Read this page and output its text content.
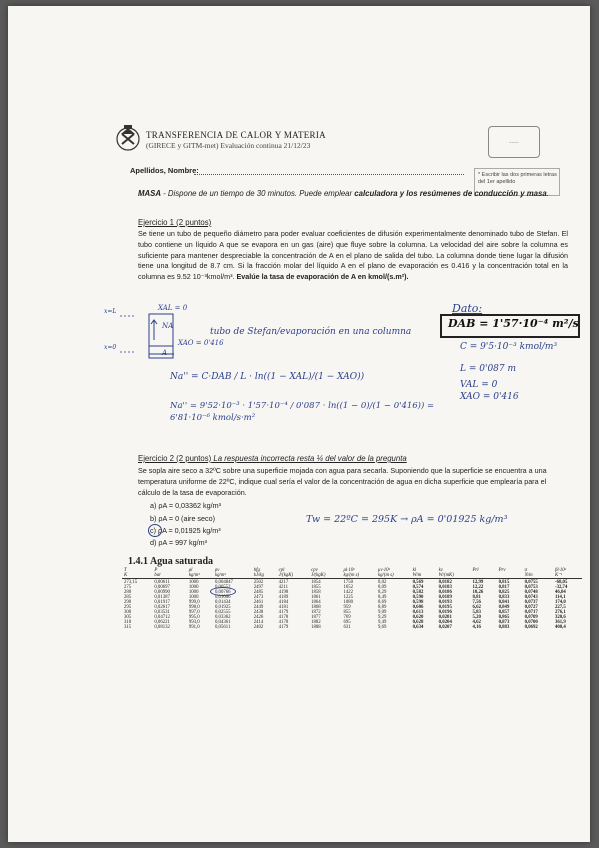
TRANSFERENCIA DE CALOR Y MATERIA
(GIRECE y GITM-met) Evaluación continua 21/12/23	.....
* Escribir las dos primeras letras del 1er apellido
Apellidos, Nombre:
MASA - Dispone de un tiempo de 30 minutos. Puede emplear calculadora y los resúmenes de conducción y masa.
Ejercicio 1 (2 puntos)
Se tiene un tubo de pequeño diámetro para poder evaluar coeficientes de difusión experimentalmente denominado tubo de Stefan. El tubo contiene un líquido A que se evapora en un gas (aire) que fluye sobre la columna. La velocidad del aire sobre la columna es suficiente para mantener despreciable la concentración de A en el plano de salida del tubo. La columna donde tiene lugar la difusión tiene una longitud de 8.7 cm. Si la fracción molar del líquido A en el plano de evaporación es 0.416 y la concentración total en la columna es 9.52 10⁻³kmol/m³. Evalúe la tasa de evaporación de A en kmol/(s.m²).
x=L
x=0
XAL = 0
NA
A
XAO = 0'416
tubo de Stefan/evaporación en una columna
Na'' = C·DAB / L · ln((1 − XAL)/(1 − XAO))
Na'' = 9'52·10⁻³ · 1'57·10⁻⁴ / 0'087 · ln((1 − 0)/(1 − 0'416)) = 6'81·10⁻⁶ kmol/s·m²
Dato:
DAB = 1'57·10⁻⁴ m²/s
C = 9'5·10⁻³ kmol/m³
L = 0'087 m
VAL = 0
XAO = 0'416
Ejercicio 2 (2 puntos) La respuesta incorrecta resta ¼ del valor de la pregunta
Se sopla aire seco a 32ºC sobre una superficie mojada con agua para secarla. Suponiendo que la superficie se encuentra a una temperatura uniforme de 22ºC, indique cual sería el valor de la concentración de agua en dicha superficie que emplearía para el cálculo de la tasa de evaporación.
a) ρA = 0,03362 kg/m³
b) ρA = 0 (aire seco)
c) ρA = 0,01925 kg/m³
d) ρA = 997 kg/m³
Tw = 22ºC = 295K → ρA = 0'01925 kg/m³
1.4.1 Agua saturada
T	P	ρl	ρv	hfg	cpl	cpv	μl·10⁶	μv·10⁶	kl	kv	Prl	Prv	σ	βl·10⁶
K	bar	kg/m³	kg/m³	kJ/kg	J/(kgK)	J/(kgK)	kg/(m s)	kg/(m s)	W/m	W/(mK)			N/m	K⁻¹
273,15	0,00611	1000	0,004847	2502	4217	1854	1750	8,02	0,569	0,0182	12,99	0,815	0,0755	-68,05
275	0,00697	1000	0,00552	2497	4211	1855	1652	8,09	0,574	0,0183	12,22	0,817	0,0753	-32,74
280	0,00990	1000	0,00766	2485	4198	1858	1422	8,29	0,582	0,0186	10,26	0,825	0,0748	46,04
285	0,01387	1000	0,01006	2473	4189	1861	1225	8,49	0,590	0,0189	8,81	0,833	0,0743	114,1
290	0,01917	999,0	0,01434	2461	4184	1864	1080	8,69	0,598	0,0193	7,56	0,841	0,0737	174,0
295	0,02617	998,0	0,01925	2449	4181	1868	959	8,89	0,606	0,0195	6,62	0,849	0,0727	227,5
300	0,03531	997,0	0,02555	2438	4179	1872	855	9,09	0,613	0,0196	5,83	0,857	0,0717	276,1
305	0,04712	995,0	0,03362	2426	4178	1877	769	9,29	0,620	0,0201	5,20	0,865	0,0709	320,6
310	0,06221	993,0	0,04361	2414	4178	1882	695	9,49	0,628	0,0204	4,62	0,873	0,0700	361,9
315	0,08132	991,0	0,05611	2402	4179	1888	631	9,69	0,634	0,0207	4,16	0,883	0,0692	400,4
